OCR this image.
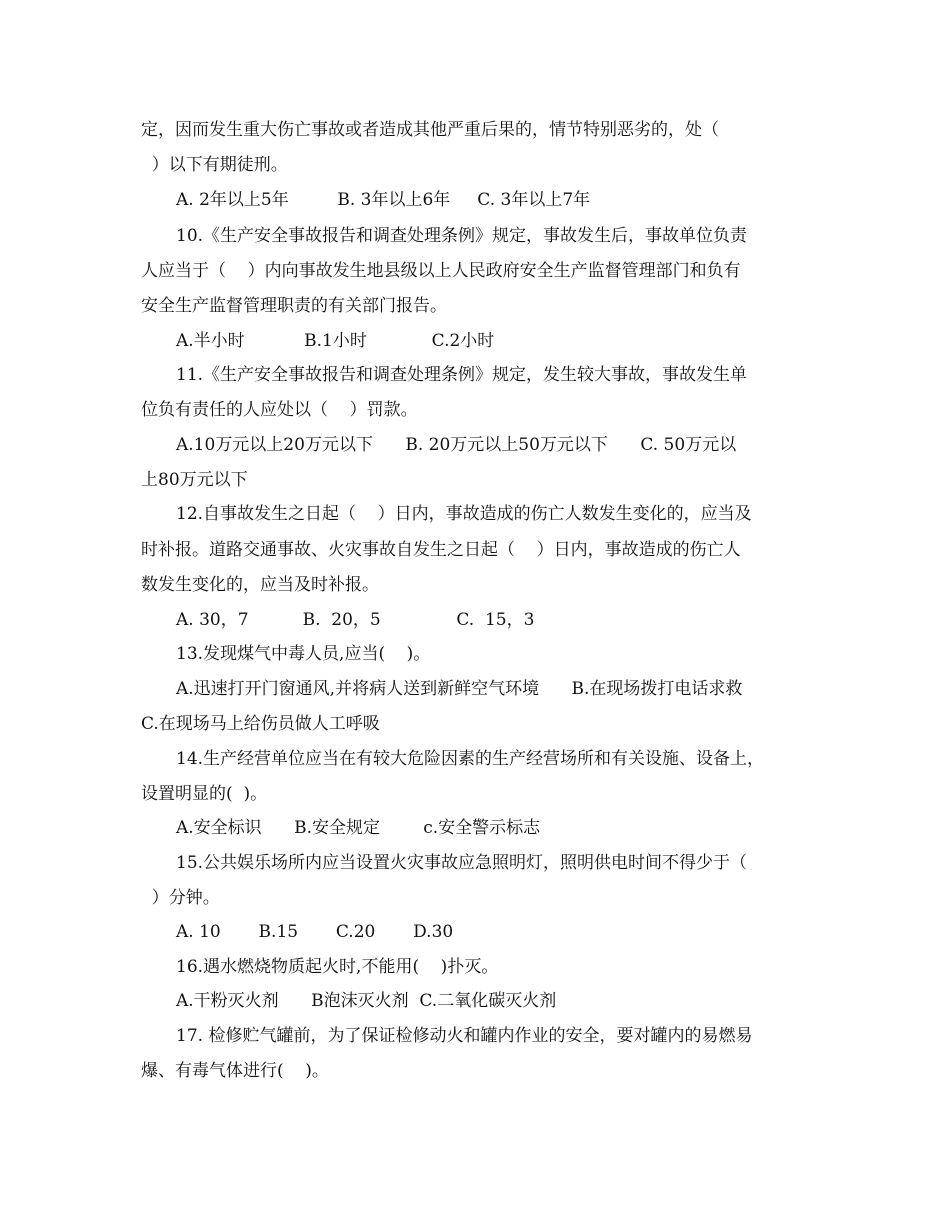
定，因而发生重大伤亡事故或者造成其他严重后果的，情节特别恶劣的，处（
）以下有期徒刑。
A. 2年以上5年         B. 3年以上6年     C. 3年以上7年
10.《生产安全事故报告和调查处理条例》规定，事故发生后，事故单位负责
人应当于（    ）内向事故发生地县级以上人民政府安全生产监督管理部门和负有
安全生产监督管理职责的有关部门报告。
A.半小时           B.1小时            C.2小时
11.《生产安全事故报告和调查处理条例》规定，发生较大事故，事故发生单
位负有责任的人应处以（    ）罚款。
A.10万元以上20万元以下      B. 20万元以上50万元以下      C. 50万元以
上80万元以下
12.自事故发生之日起（    ）日内，事故造成的伤亡人数发生变化的，应当及
时补报。道路交通事故、火灾事故自发生之日起（    ）日内，事故造成的伤亡人
数发生变化的，应当及时补报。
A. 30，7          B.  20，5              C.  15，3
13.发现煤气中毒人员,应当(    )。
A.迅速打开门窗通风,并将病人送到新鲜空气环境      B.在现场拨打电话求救
C.在现场马上给伤员做人工呼吸
14.生产经营单位应当在有较大危险因素的生产经营场所和有关设施、设备上，
设置明显的(  )。
A.安全标识      B.安全规定        c.安全警示标志
15.公共娱乐场所内应当设置火灾事故应急照明灯，照明供电时间不得少于（
）分钟。
A. 10       B.15       C.20       D.30
16.遇水燃烧物质起火时,不能用(    )扑灭。
A.干粉灭火剂      B泡沫灭火剂  C.二氧化碳灭火剂
17. 检修贮气罐前，为了保证检修动火和罐内作业的安全，要对罐内的易燃易
爆、有毒气体进行(    )。
